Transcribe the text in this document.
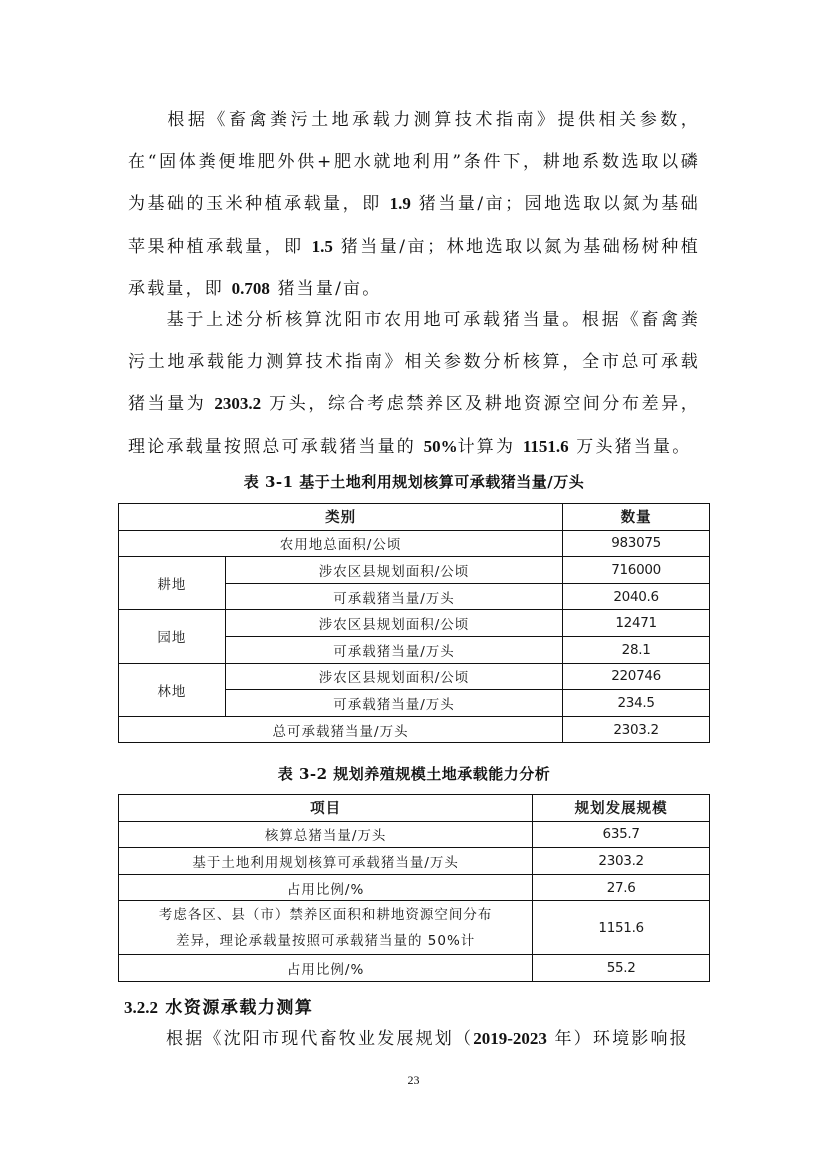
根据《畜禽粪污土地承载力测算技术指南》提供相关参数，在“固体粪便堆肥外供+肥水就地利用”条件下，耕地系数选取以磷为基础的玉米种植承载量，即 1.9 猪当量/亩；园地选取以氮为基础苹果种植承载量，即 1.5 猪当量/亩；林地选取以氮为基础杨树种植承载量，即 0.708 猪当量/亩。

基于上述分析核算沈阳市农用地可承载猪当量。根据《畜禽粪污土地承载能力测算技术指南》相关参数分析核算，全市总可承载猪当量为 2303.2 万头，综合考虑禁养区及耕地资源空间分布差异，理论承载量按照总可承载猪当量的 50%计算为 1151.6 万头猪当量。

表 3-1 基于土地利用规划核算可承载猪当量/万头

类别		数量
农用地总面积/公顷		983075
耕地	涉农区县规划面积/公顷	716000
	可承载猪当量/万头	2040.6
园地	涉农区县规划面积/公顷	12471
	可承载猪当量/万头	28.1
林地	涉农区县规划面积/公顷	220746
	可承载猪当量/万头	234.5
总可承载猪当量/万头		2303.2

表 3-2 规划养殖规模土地承载能力分析

项目	规划发展规模
核算总猪当量/万头	635.7
基于土地利用规划核算可承载猪当量/万头	2303.2
占用比例/%	27.6

考虑各区、县（市）禁养区面积和耕地资源空间分布
差异，理论承载量按照可承载猪当量的 50%计	1151.6
占用比例/%	55.2
3.2.2 水资源承载力测算

根据《沈阳市现代畜牧业发展规划（2019-2023 年）环境影响报

23
